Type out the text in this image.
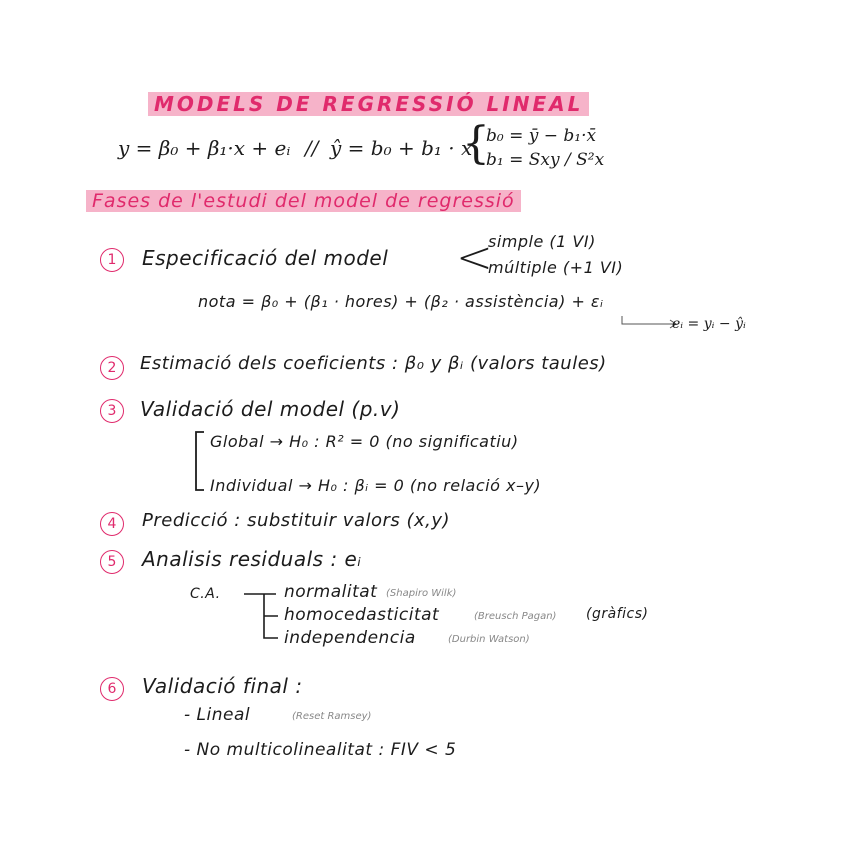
MODELS DE REGRESSIÓ LINEAL
y = β₀ + β₁·x + eᵢ // ŷ = b₀ + b₁ · x
{
b₀ = ȳ − b₁·x̄
b₁ = Sxy / S²x
Fases de l'estudi del model de regressió
1	Especificació del model <
simple (1 VI)
múltiple (+1 VI)
nota = β₀ + (β₁ · hores) + (β₂ · assistència) + εᵢ
eᵢ = yᵢ − ŷᵢ
2	Estimació dels coeficients : β₀ y βᵢ (valors taules)
3	Validació del model (p.v)
Global → H₀ : R² = 0 (no significatiu)
Individual → H₀ : βᵢ = 0 (no relació x–y)
4	Predicció : substituir valors (x,y)
5	Analisis residuals : eᵢ
C.A.	normalitat (Shapiro Wilk)
homocedasticitat	(Breusch Pagan) (gràfics)
independencia	(Durbin Watson)
6	Validació final :
- Lineal	(Reset Ramsey)
- No multicolinealitat : FIV < 5
